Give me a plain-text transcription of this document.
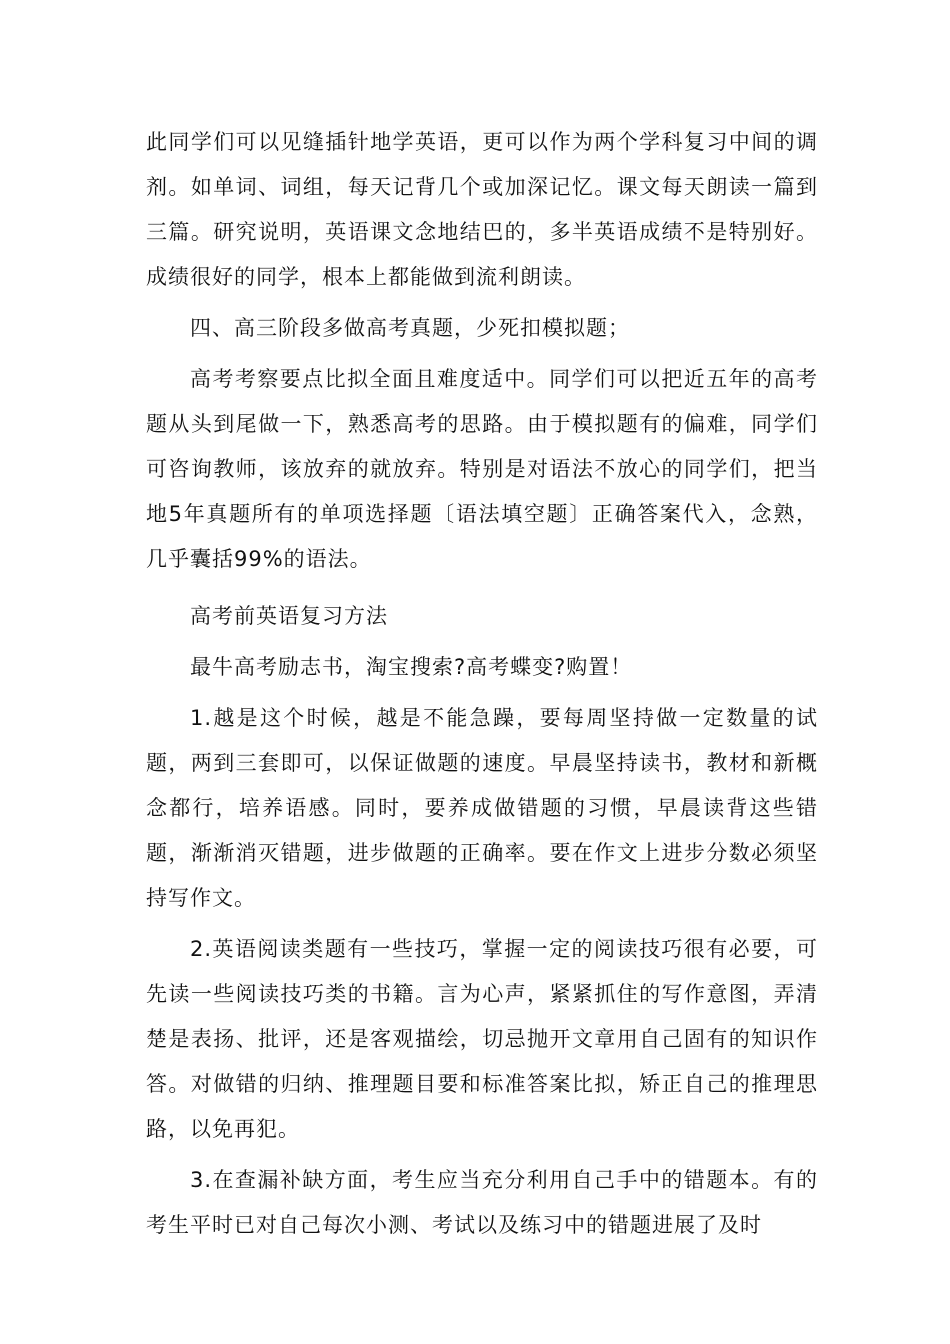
此同学们可以见缝插针地学英语，更可以作为两个学科复习中间的调剂。如单词、词组，每天记背几个或加深记忆。课文每天朗读一篇到三篇。研究说明，英语课文念地结巴的，多半英语成绩不是特别好。成绩很好的同学，根本上都能做到流利朗读。

四、高三阶段多做高考真题，少死扣模拟题；

高考考察要点比拟全面且难度适中。同学们可以把近五年的高考题从头到尾做一下，熟悉高考的思路。由于模拟题有的偏难，同学们可咨询教师，该放弃的就放弃。特别是对语法不放心的同学们，把当地5年真题所有的单项选择题〔语法填空题〕正确答案代入，念熟，几乎囊括99%的语法。

高考前英语复习方法

最牛高考励志书，淘宝搜索?高考蝶变?购置！

1.越是这个时候，越是不能急躁，要每周坚持做一定数量的试题，两到三套即可，以保证做题的速度。早晨坚持读书，教材和新概念都行，培养语感。同时，要养成做错题的习惯，早晨读背这些错题，渐渐消灭错题，进步做题的正确率。要在作文上进步分数必须坚持写作文。

2.英语阅读类题有一些技巧，掌握一定的阅读技巧很有必要，可先读一些阅读技巧类的书籍。言为心声，紧紧抓住的写作意图，弄清楚是表扬、批评，还是客观描绘，切忌抛开文章用自己固有的知识作答。对做错的归纳、推理题目要和标准答案比拟，矫正自己的推理思路，以免再犯。

3.在查漏补缺方面，考生应当充分利用自己手中的错题本。有的考生平时已对自己每次小测、考试以及练习中的错题进展了及时
